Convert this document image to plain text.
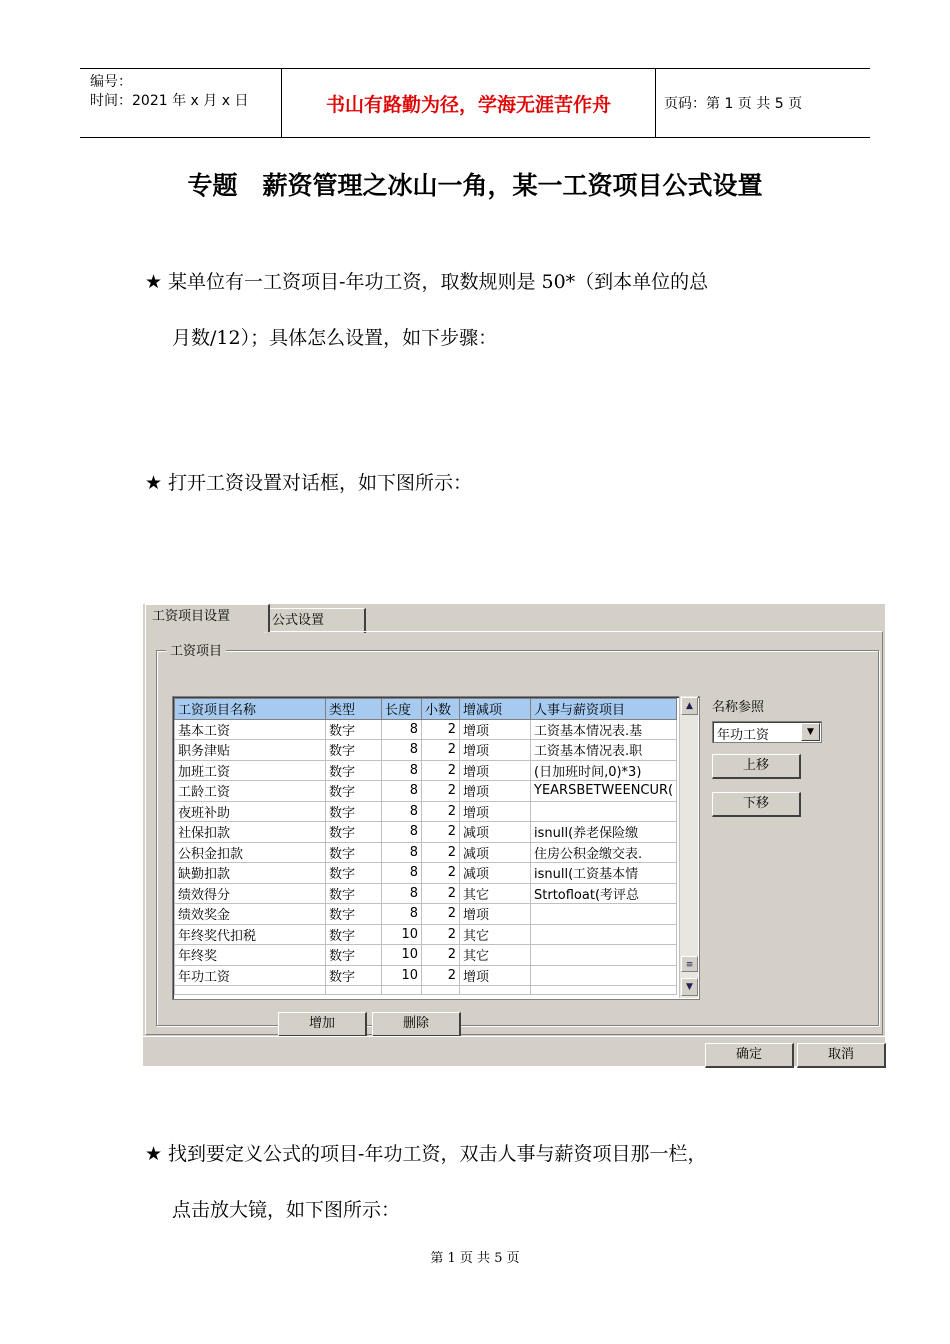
编号：
时间：2021 年 x 月 x 日	书山有路勤为径，学海无涯苦作舟	页码：第 1 页 共 5 页
专题　薪资管理之冰山一角，某一工资项目公式设置
★ 某单位有一工资项目-年功工资，取数规则是 50*（到本单位的总
月数/12）；具体怎么设置，如下步骤：
★ 打开工资设置对话框，如下图所示：
工资项目设置	公式设置
工资项目
工资项目名称	类型	长度	小数	增减项	人事与薪资项目
基本工资	数字	8	2	增项	工资基本情况表.基
职务津贴	数字	8	2	增项	工资基本情况表.职
加班工资	数字	8	2	增项	(日加班时间,0)*3)
工龄工资	数字	8	2	增项	YEARSBETWEENCUR(
夜班补助	数字	8	2	增项	
社保扣款	数字	8	2	减项	isnull(养老保险缴
公积金扣款	数字	8	2	减项	住房公积金缴交表.
缺勤扣款	数字	8	2	减项	isnull(工资基本情
绩效得分	数字	8	2	其它	Strtofloat(考评总
绩效奖金	数字	8	2	增项	
年终奖代扣税	数字	10	2	其它	
年终奖	数字	10	2	其它	
年功工资	数字	10	2	增项	

▲
≡
▼
名称参照
年功工资	▼
上移
下移
增加	删除
确定	取消
★ 找到要定义公式的项目-年功工资，双击人事与薪资项目那一栏，
点击放大镜，如下图所示：
第 1 页 共 5 页
